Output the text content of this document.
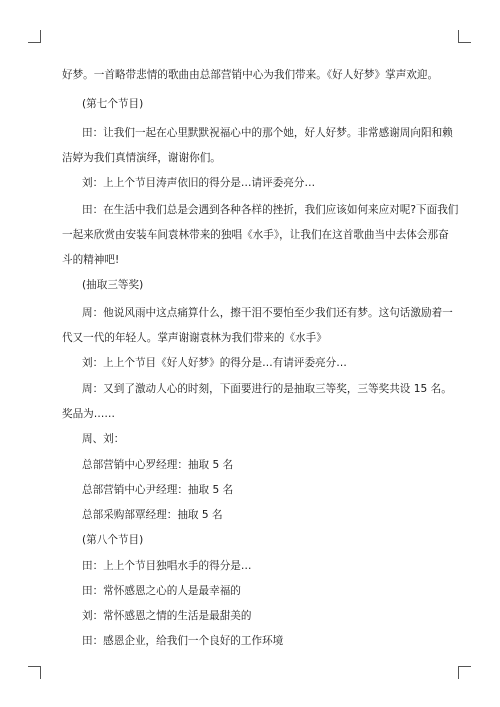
好梦。一首略带悲情的歌曲由总部营销中心为我们带来。《好人好梦》掌声欢迎。
(第七个节目)
田：让我们一起在心里默默祝福心中的那个她，好人好梦。非常感谢周向阳和赖
洁婷为我们真情演绎，谢谢你们。
刘：上上个节目涛声依旧的得分是…请评委亮分…
田：在生活中我们总是会遇到各种各样的挫折，我们应该如何来应对呢?下面我们
一起来欣赏由安装车间袁林带来的独唱《水手》，让我们在这首歌曲当中去体会那奋
斗的精神吧!
(抽取三等奖)
周：他说风雨中这点痛算什么，擦干泪不要怕至少我们还有梦。这句话激励着一
代又一代的年轻人。掌声谢谢袁林为我们带来的《水手》
刘：上上个节目《好人好梦》的得分是…有请评委亮分…
周：又到了激动人心的时刻，下面要进行的是抽取三等奖，三等奖共设 15 名。
奖品为……
周、刘：
总部营销中心罗经理：抽取 5 名
总部营销中心尹经理：抽取 5 名
总部采购部覃经理：抽取 5 名
(第八个节目)
田：上上个节目独唱水手的得分是…
田：常怀感恩之心的人是最幸福的
刘：常怀感恩之情的生活是最甜美的
田：感恩企业，给我们一个良好的工作环境
